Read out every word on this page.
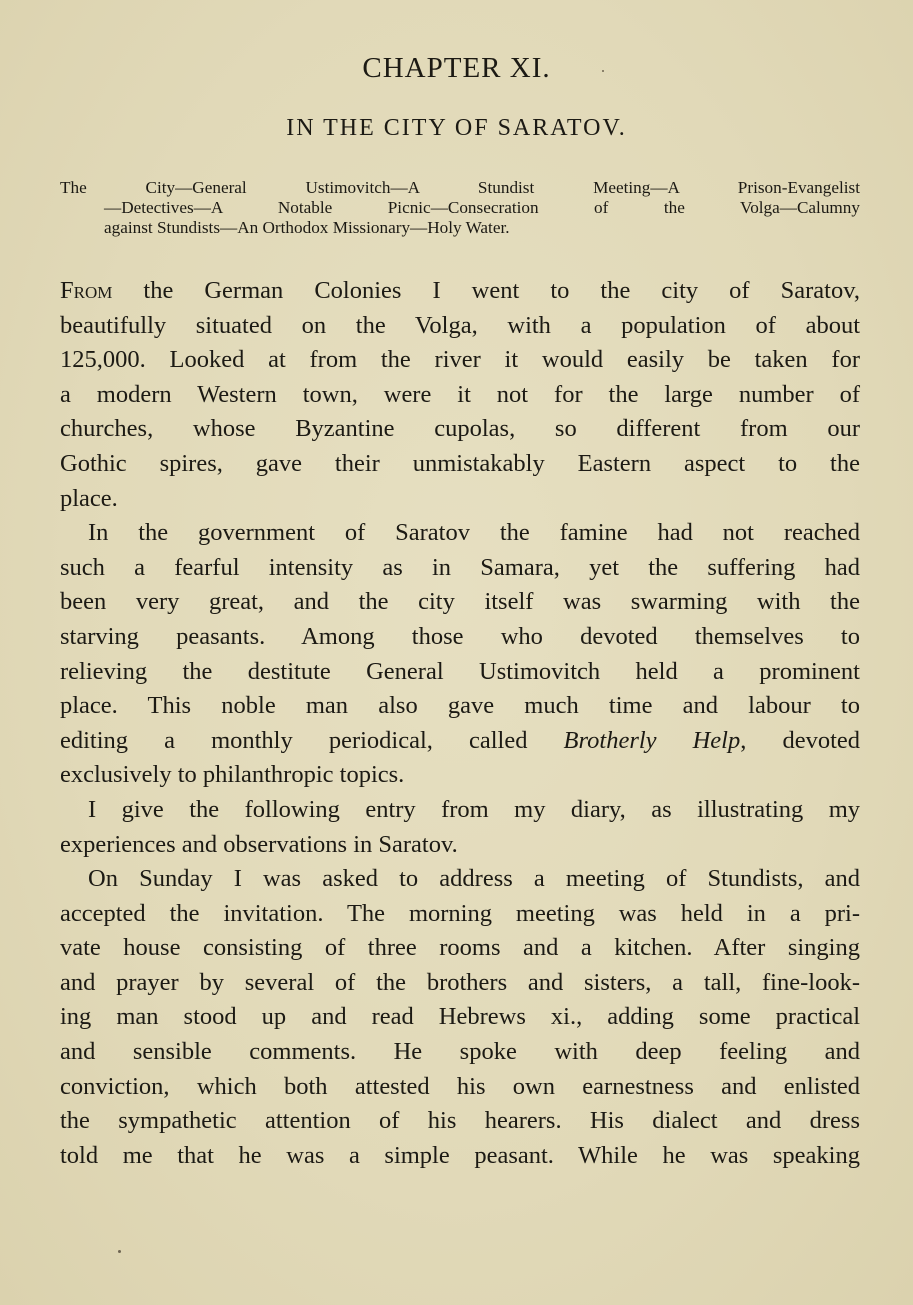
CHAPTER XI.
IN THE CITY OF SARATOV.
The City—General Ustimovitch—A Stundist Meeting—A Prison-Evangelist
—Detectives—A Notable Picnic—Consecration of the Volga—Calumny
against Stundists—An Orthodox Missionary—Holy Water.
From the German Colonies I went to the city of Saratov,
beautifully situated on the Volga, with a population of about
125,000. Looked at from the river it would easily be taken for
a modern Western town, were it not for the large number of
churches, whose Byzantine cupolas, so different from our
Gothic spires, gave their unmistakably Eastern aspect to the
place.
In the government of Saratov the famine had not reached
such a fearful intensity as in Samara, yet the suffering had
been very great, and the city itself was swarming with the
starving peasants. Among those who devoted themselves to
relieving the destitute General Ustimovitch held a prominent
place. This noble man also gave much time and labour to
editing a monthly periodical, called Brotherly Help, devoted
exclusively to philanthropic topics.
I give the following entry from my diary, as illustrating my
experiences and observations in Saratov.
On Sunday I was asked to address a meeting of Stundists, and
accepted the invitation. The morning meeting was held in a pri-
vate house consisting of three rooms and a kitchen. After singing
and prayer by several of the brothers and sisters, a tall, fine-look-
ing man stood up and read Hebrews xi., adding some practical
and sensible comments. He spoke with deep feeling and
conviction, which both attested his own earnestness and enlisted
the sympathetic attention of his hearers. His dialect and dress
told me that he was a simple peasant. While he was speaking
